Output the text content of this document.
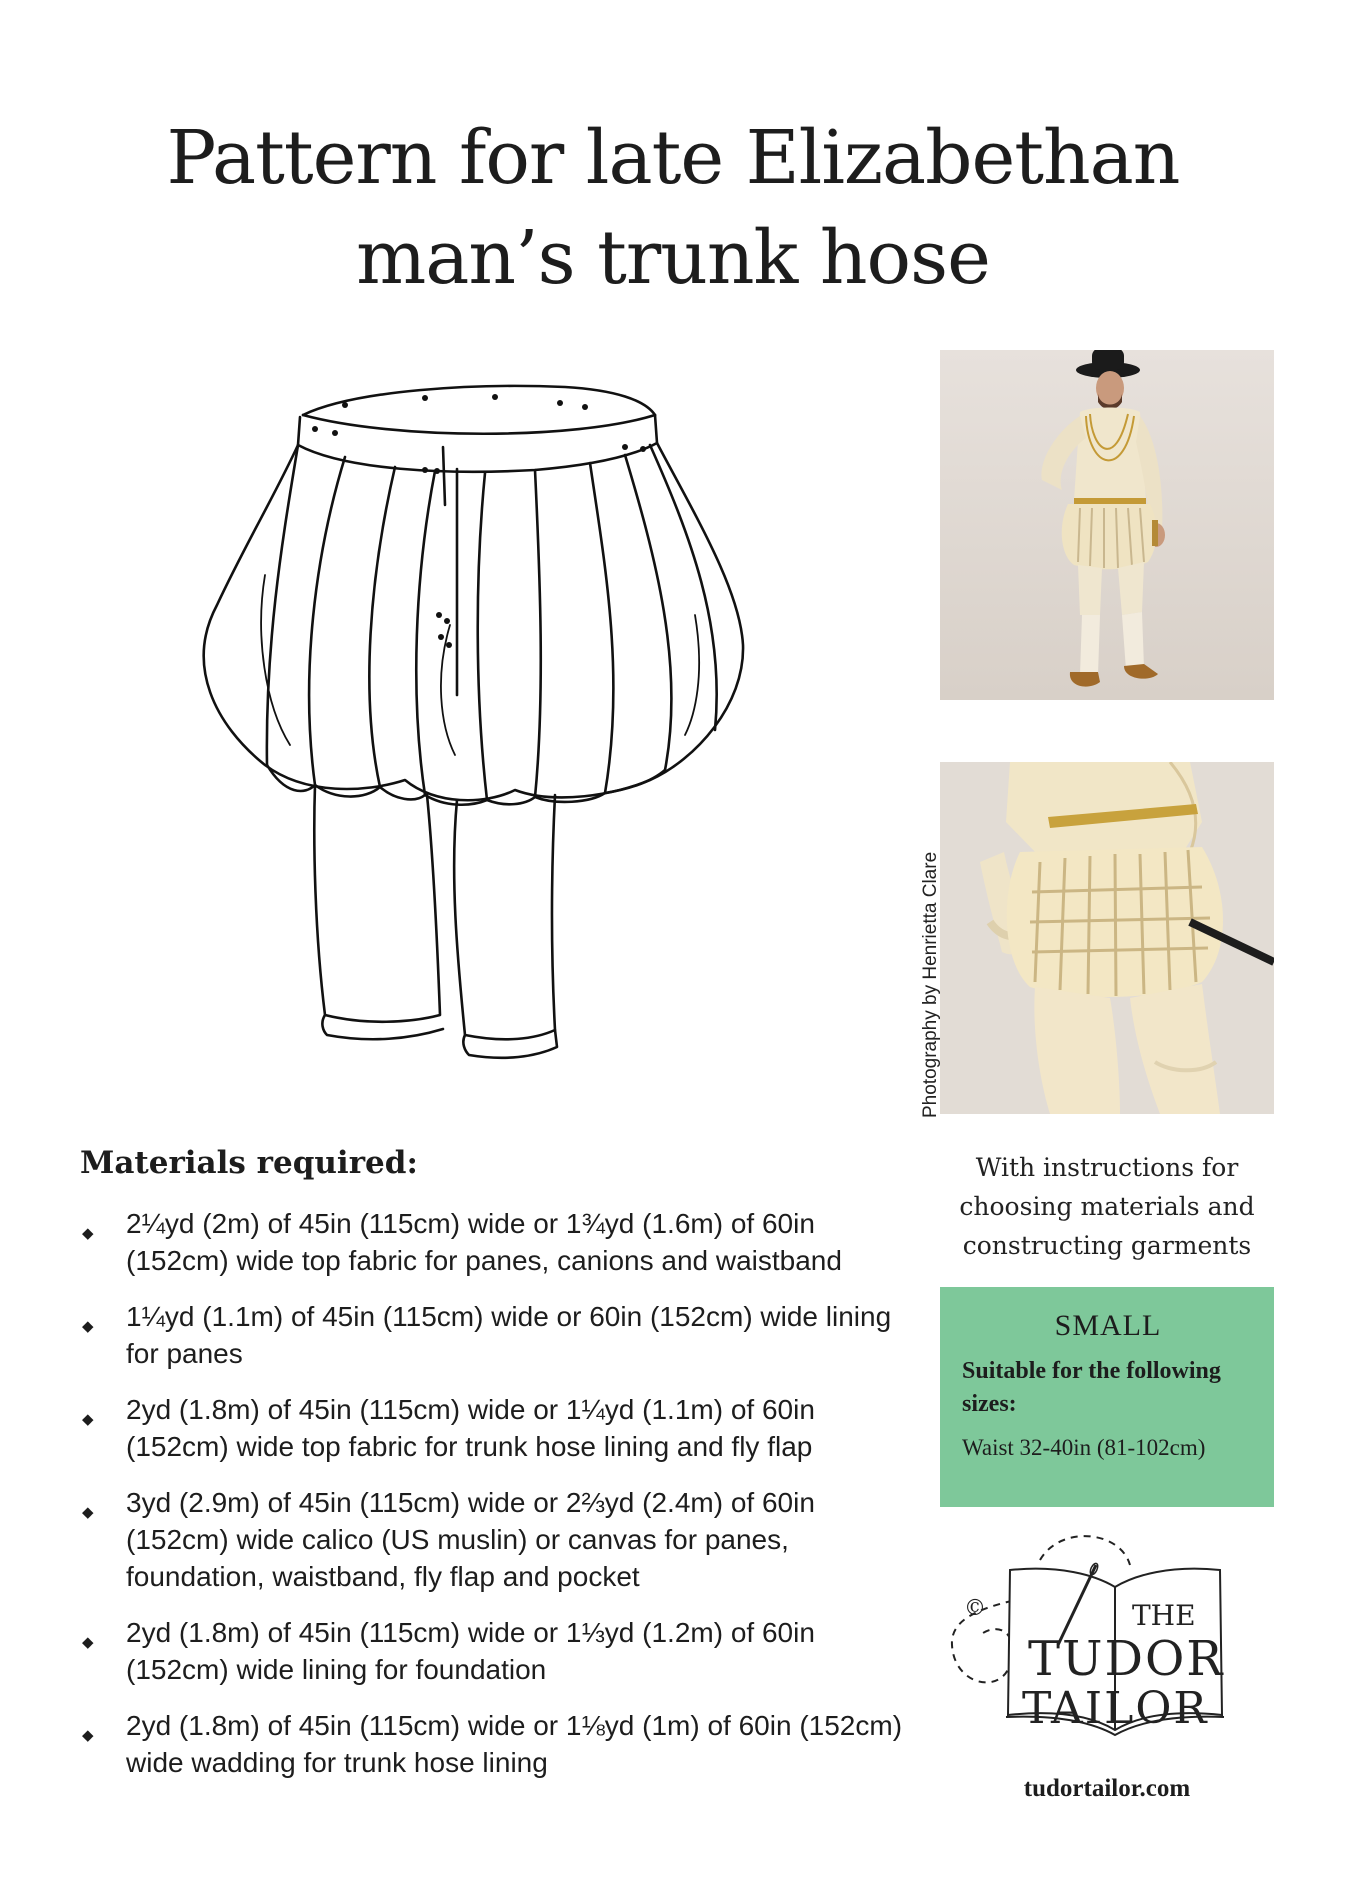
Pattern for late Elizabethan
man’s trunk hose
Photography by Henrietta Clare
With instructions for
choosing materials and
constructing garments
SMALL
Suitable for the following sizes:
Waist 32-40in (81-102cm)
©	THE
TUDOR
TAILOR
tudortailor.com
Materials required:
◆ 2¼yd (2m) of 45in (115cm) wide or 1¾yd (1.6m) of 60in (152cm) wide top fabric for panes, canions and waistband
◆ 1¼yd (1.1m) of 45in (115cm) wide or 60in (152cm) wide lining for panes
◆ 2yd (1.8m) of 45in (115cm) wide or 1¼yd (1.1m) of 60in (152cm) wide top fabric for trunk hose lining and fly flap
◆ 3yd (2.9m) of 45in (115cm) wide or 2⅔yd (2.4m) of 60in (152cm) wide calico (US muslin) or canvas for panes, foundation, waistband, fly flap and pocket
◆ 2yd (1.8m) of 45in (115cm) wide or 1⅓yd (1.2m) of 60in (152cm) wide lining for foundation
◆ 2yd (1.8m) of 45in (115cm) wide or 1⅛yd (1m) of 60in (152cm) wide wadding for trunk hose lining
